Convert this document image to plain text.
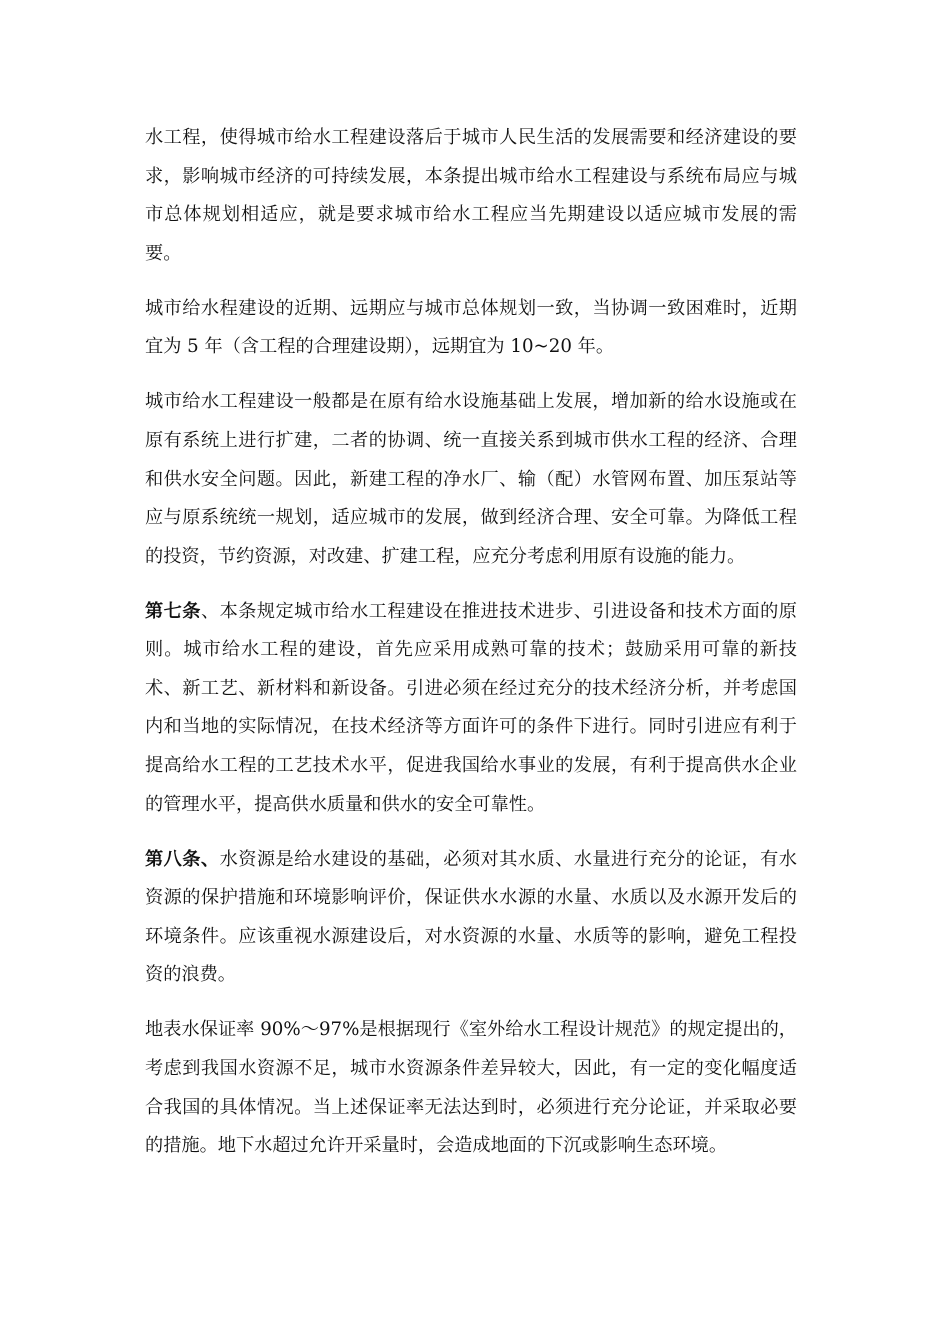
水工程，使得城市给水工程建设落后于城市人民生活的发展需要和经济建设的要求，影响城市经济的可持续发展，本条提出城市给水工程建设与系统布局应与城市总体规划相适应，就是要求城市给水工程应当先期建设以适应城市发展的需要。

城市给水程建设的近期、远期应与城市总体规划一致，当协调一致困难时，近期宜为 5 年（含工程的合理建设期），远期宜为 10~20 年。

城市给水工程建设一般都是在原有给水设施基础上发展，增加新的给水设施或在原有系统上进行扩建，二者的协调、统一直接关系到城市供水工程的经济、合理和供水安全问题。因此，新建工程的净水厂、输（配）水管网布置、加压泵站等应与原系统统一规划，适应城市的发展，做到经济合理、安全可靠。为降低工程的投资，节约资源，对改建、扩建工程，应充分考虑利用原有设施的能力。

第七条、本条规定城市给水工程建设在推进技术进步、引进设备和技术方面的原则。城市给水工程的建设，首先应采用成熟可靠的技术；鼓励采用可靠的新技术、新工艺、新材料和新设备。引进必须在经过充分的技术经济分析，并考虑国内和当地的实际情况，在技术经济等方面许可的条件下进行。同时引进应有利于提高给水工程的工艺技术水平，促进我国给水事业的发展，有利于提高供水企业的管理水平，提高供水质量和供水的安全可靠性。

第八条、水资源是给水建设的基础，必须对其水质、水量进行充分的论证，有水资源的保护措施和环境影响评价，保证供水水源的水量、水质以及水源开发后的环境条件。应该重视水源建设后，对水资源的水量、水质等的影响，避免工程投资的浪费。

地表水保证率 90%～97%是根据现行《室外给水工程设计规范》的规定提出的，考虑到我国水资源不足，城市水资源条件差异较大，因此，有一定的变化幅度适合我国的具体情况。当上述保证率无法达到时，必须进行充分论证，并采取必要的措施。地下水超过允许开采量时，会造成地面的下沉或影响生态环境。
